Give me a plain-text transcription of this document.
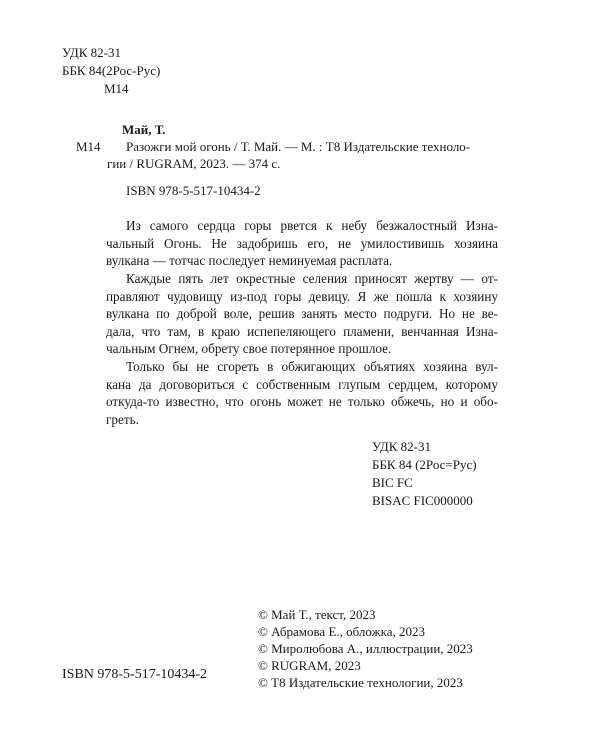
УДК 82-31
ББК 84(2Рос-Рус)
М14
М14
Май, Т.
Разожги мой огонь / Т. Май. — М. : Т8 Издательские техноло-
гии / RUGRAM, 2023. — 374 с.
ISBN 978-5-517-10434-2
Из самого сердца горы рвется к небу безжалостный Изна-
чальный Огонь. Не задобришь его, не умилостивишь хозяина
вулкана — тотчас последует неминуемая расплата.
Каждые пять лет окрестные селения приносят жертву — от-
правляют чудовищу из-под горы девицу. Я же пошла к хозяину
вулкана по доброй воле, решив занять место подруги. Но не ве-
дала, что там, в краю испепеляющего пламени, венчанная Изна-
чальным Огнем, обрету свое потерянное прошлое.
Только бы не сгореть в обжигающих объятиях хозяина вул-
кана да договориться с собственным глупым сердцем, которому
откуда-то известно, что огонь может не только обжечь, но и обо-
греть.
УДК 82-31
ББК 84 (2Рос=Рус)
BIC FC
BISAC FIC000000
ISBN 978-5-517-10434-2
© Май Т., текст, 2023
© Абрамова Е., обложка, 2023
© Миролюбова А., иллюстрации, 2023
© RUGRAM, 2023
© Т8 Издательские технологии, 2023
